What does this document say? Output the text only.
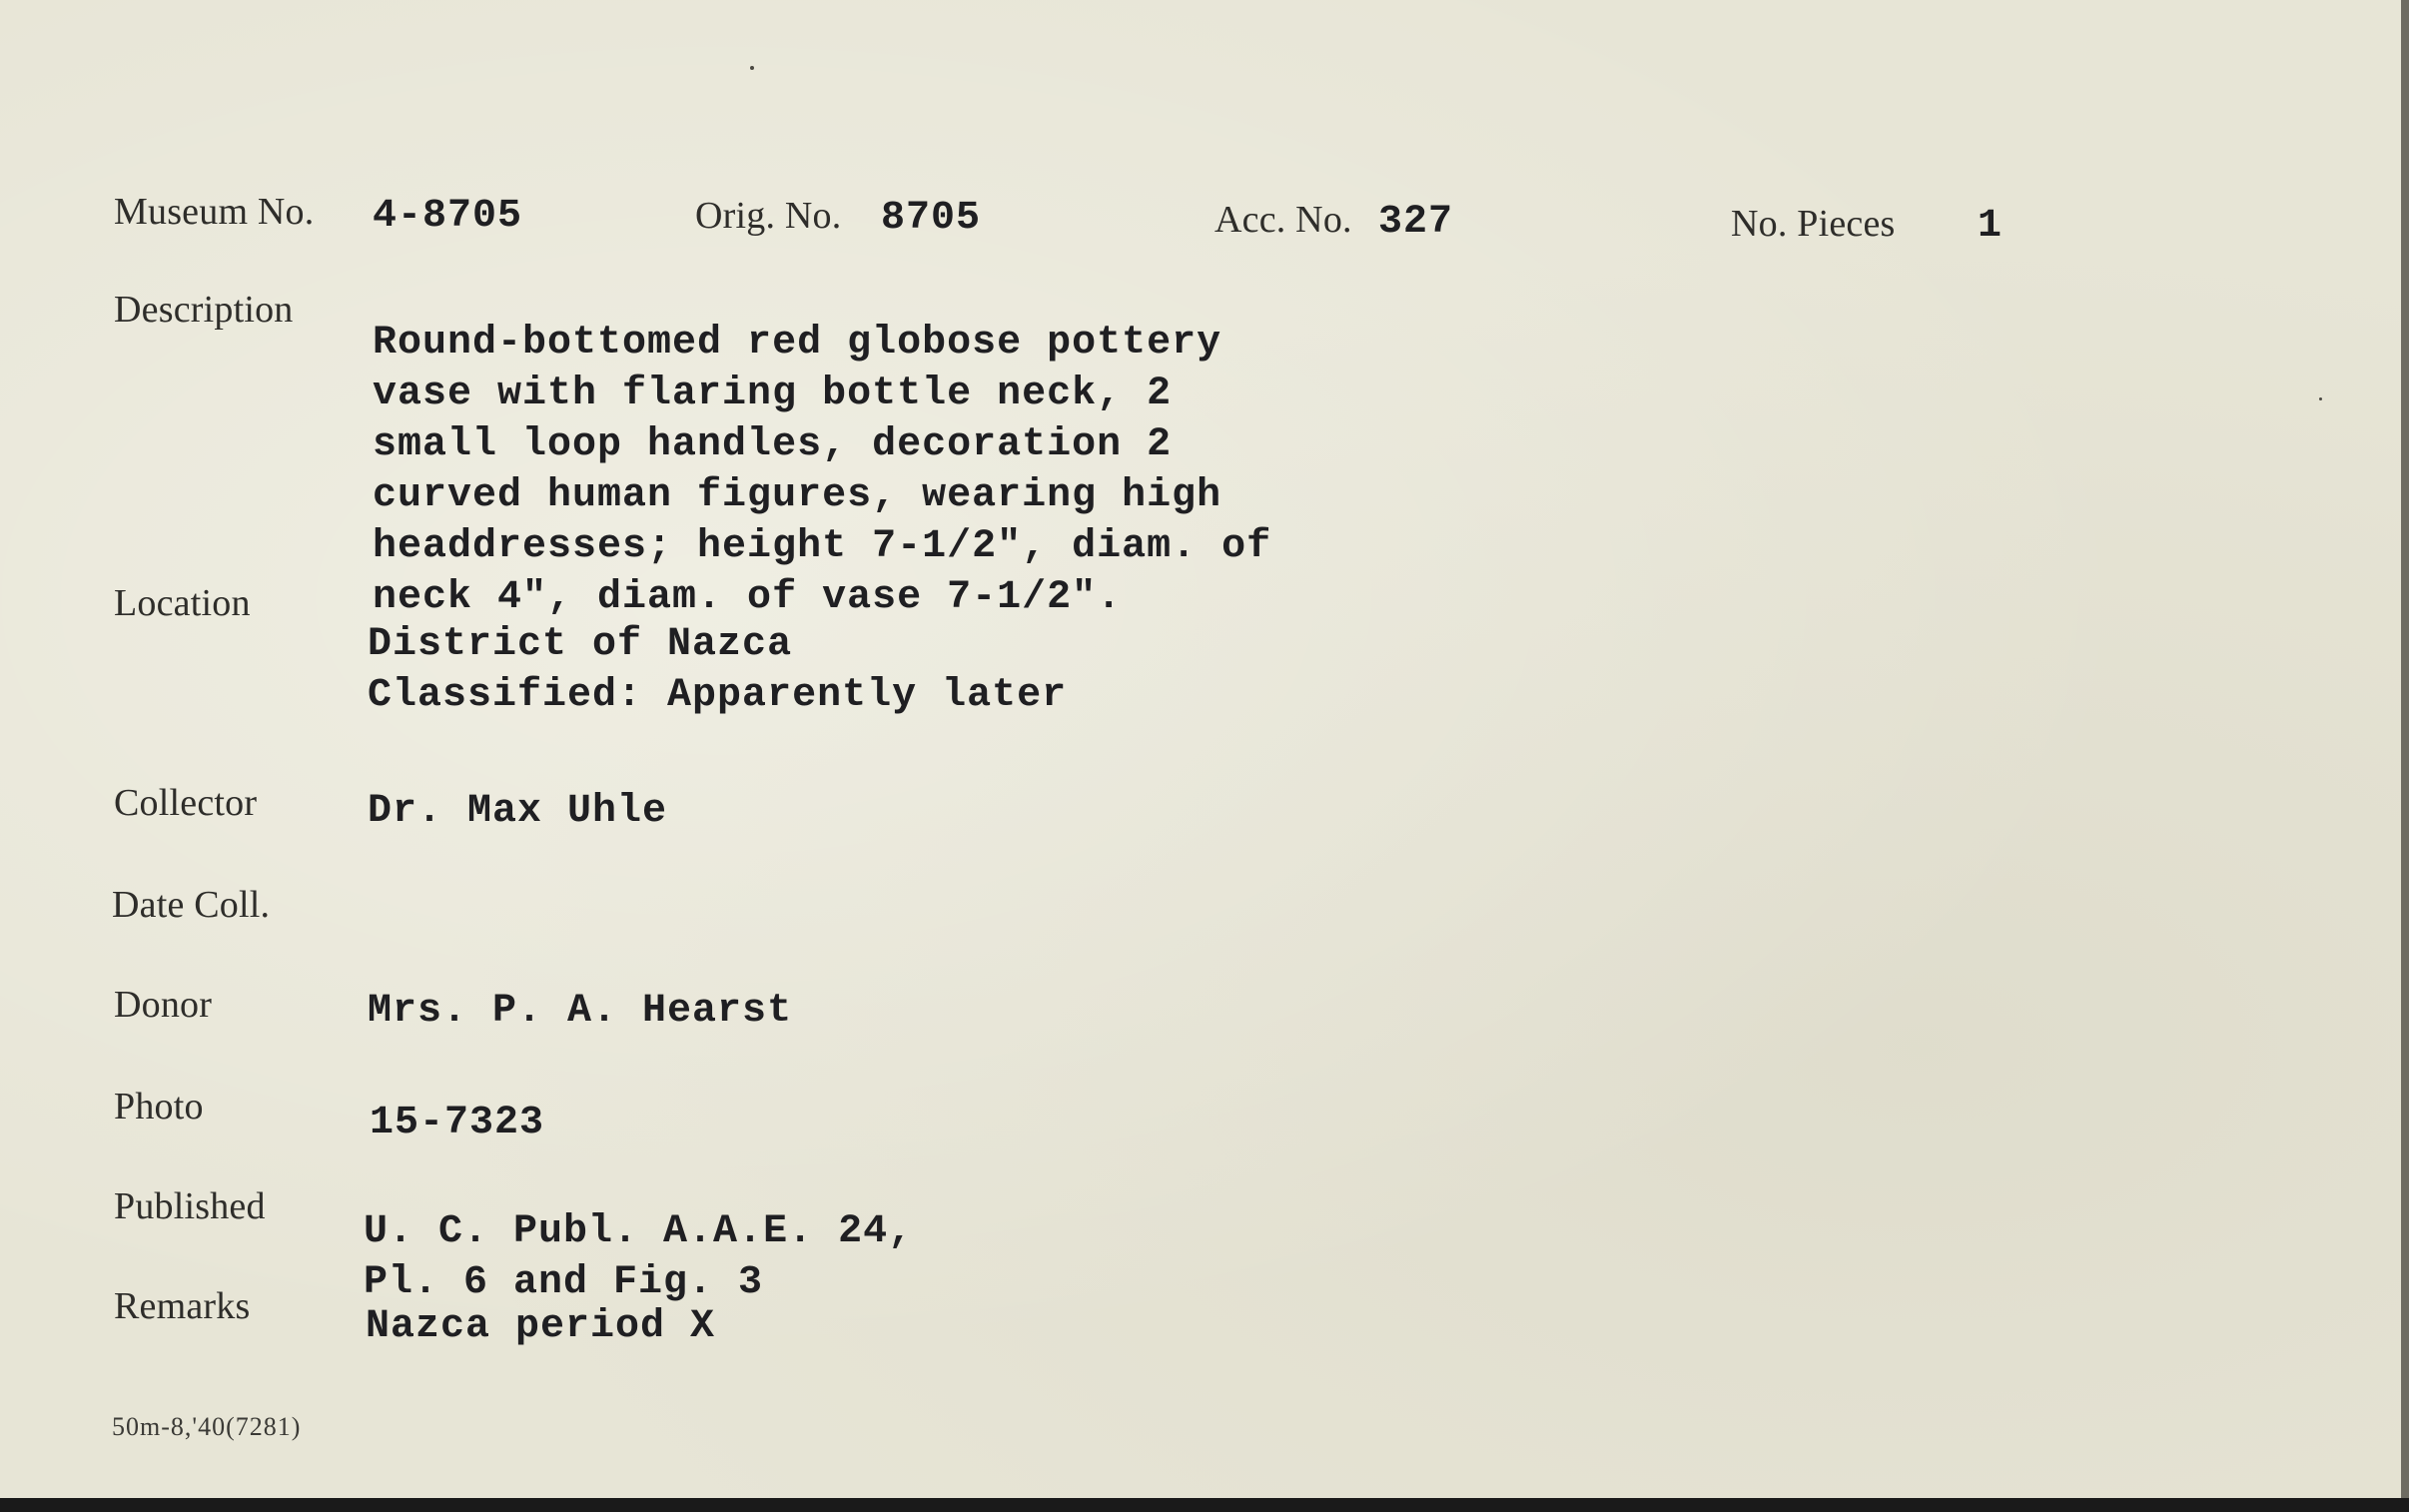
Museum No. 4-8705	Orig. No. 8705	Acc. No. 327	No. Pieces 1
Description
Round-bottomed red globose pottery
vase with flaring bottle neck, 2
small loop handles, decoration 2
curved human figures, wearing high
headdresses; height 7-1/2", diam. of
neck 4", diam. of vase 7-1/2".
Location
District of Nazca
Classified: Apparently later
Collector	Dr. Max Uhle
Date Coll.
Donor	Mrs. P. A. Hearst
Photo	15-7323
Published
U. C. Publ. A.A.E. 24,
Pl. 6 and Fig. 3
Remarks	Nazca period X
50m-8,'40(7281)
